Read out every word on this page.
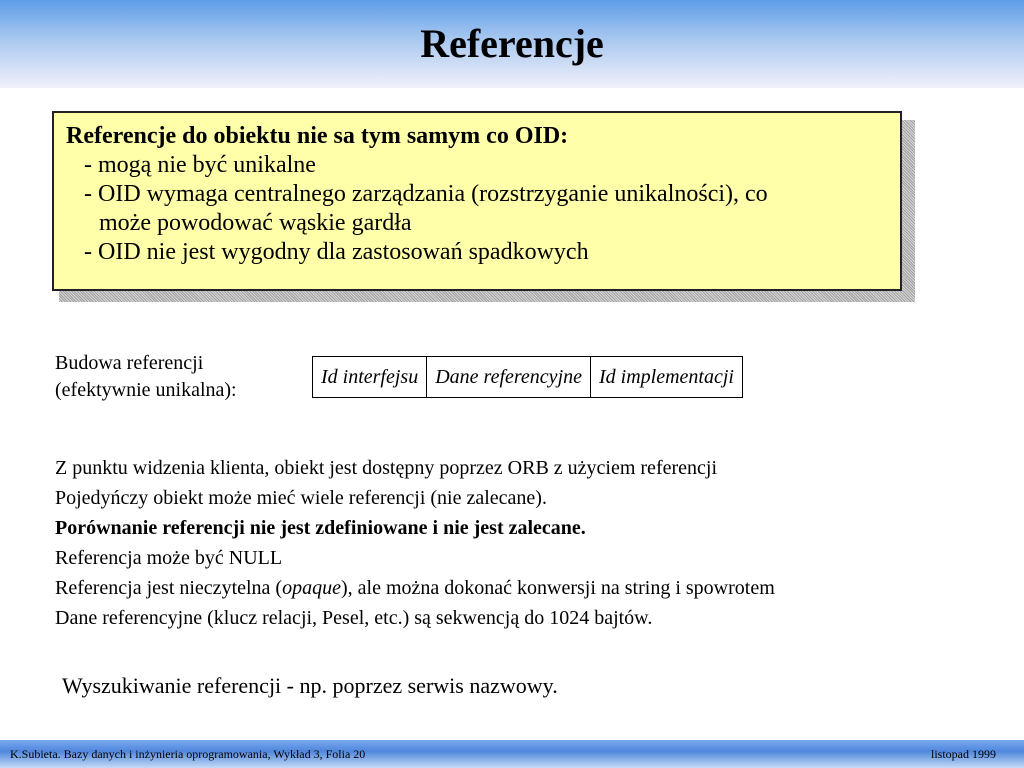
Referencje
Referencje do obiektu nie sa tym samym co OID:
- mogą nie być unikalne
- OID wymaga centralnego zarządzania (rozstrzyganie unikalności), co
może powodować wąskie gardła
- OID nie jest wygodny dla zastosowań spadkowych
Budowa referencji
(efektywnie unikalna):
Id interfejsu Dane referencyjne Id implementacji
Z punktu widzenia klienta, obiekt jest dostępny poprzez ORB z użyciem referencji
Pojedyńczy obiekt może mieć wiele referencji (nie zalecane).
Porównanie referencji nie jest zdefiniowane i nie jest zalecane.
Referencja może być NULL
Referencja jest nieczytelna (opaque), ale można dokonać konwersji na string i spowrotem
Dane referencyjne (klucz relacji, Pesel, etc.) są sekwencją do 1024 bajtów.
Wyszukiwanie referencji - np. poprzez serwis nazwowy.
K.Subieta. Bazy danych i inżynieria oprogramowania, Wykład 3, Folia 20	listopad 1999
